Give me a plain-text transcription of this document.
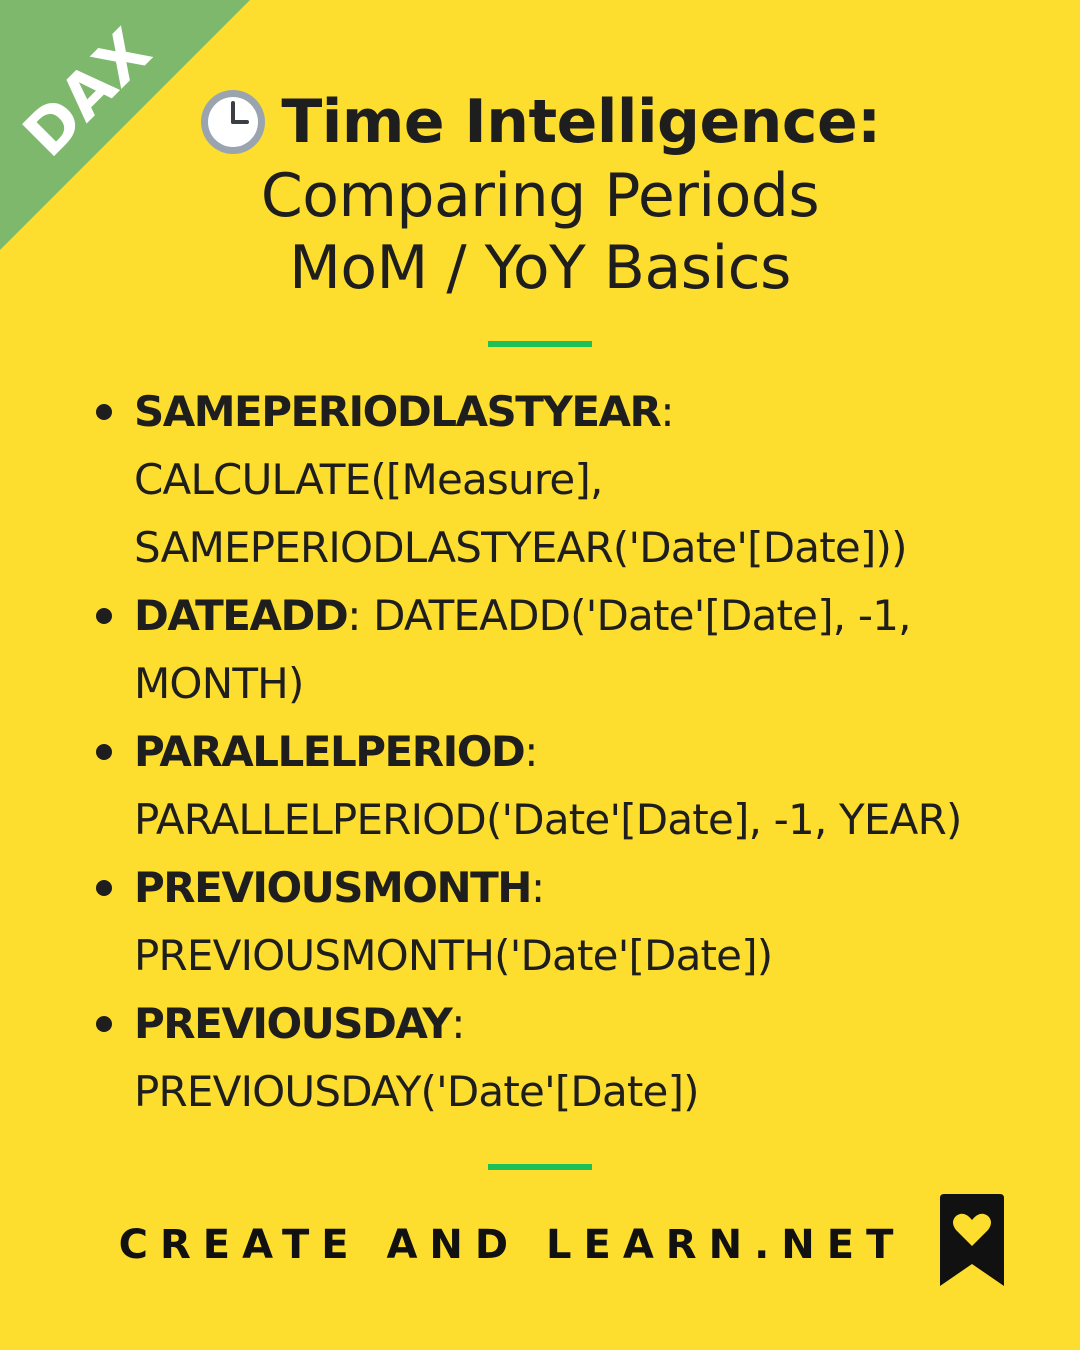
DAX Time Intelligence:
Comparing Periods
MoM / YoY Basics
SAMEPERIODLASTYEAR:
CALCULATE([Measure],
SAMEPERIODLASTYEAR('Date'[Date]))
DATEADD: DATEADD('Date'[Date], -1,
MONTH)
PARALLELPERIOD:
PARALLELPERIOD('Date'[Date], -1, YEAR)
PREVIOUSMONTH:
PREVIOUSMONTH('Date'[Date])
PREVIOUSDAY:
PREVIOUSDAY('Date'[Date])
CREATE AND LEARN.NET
